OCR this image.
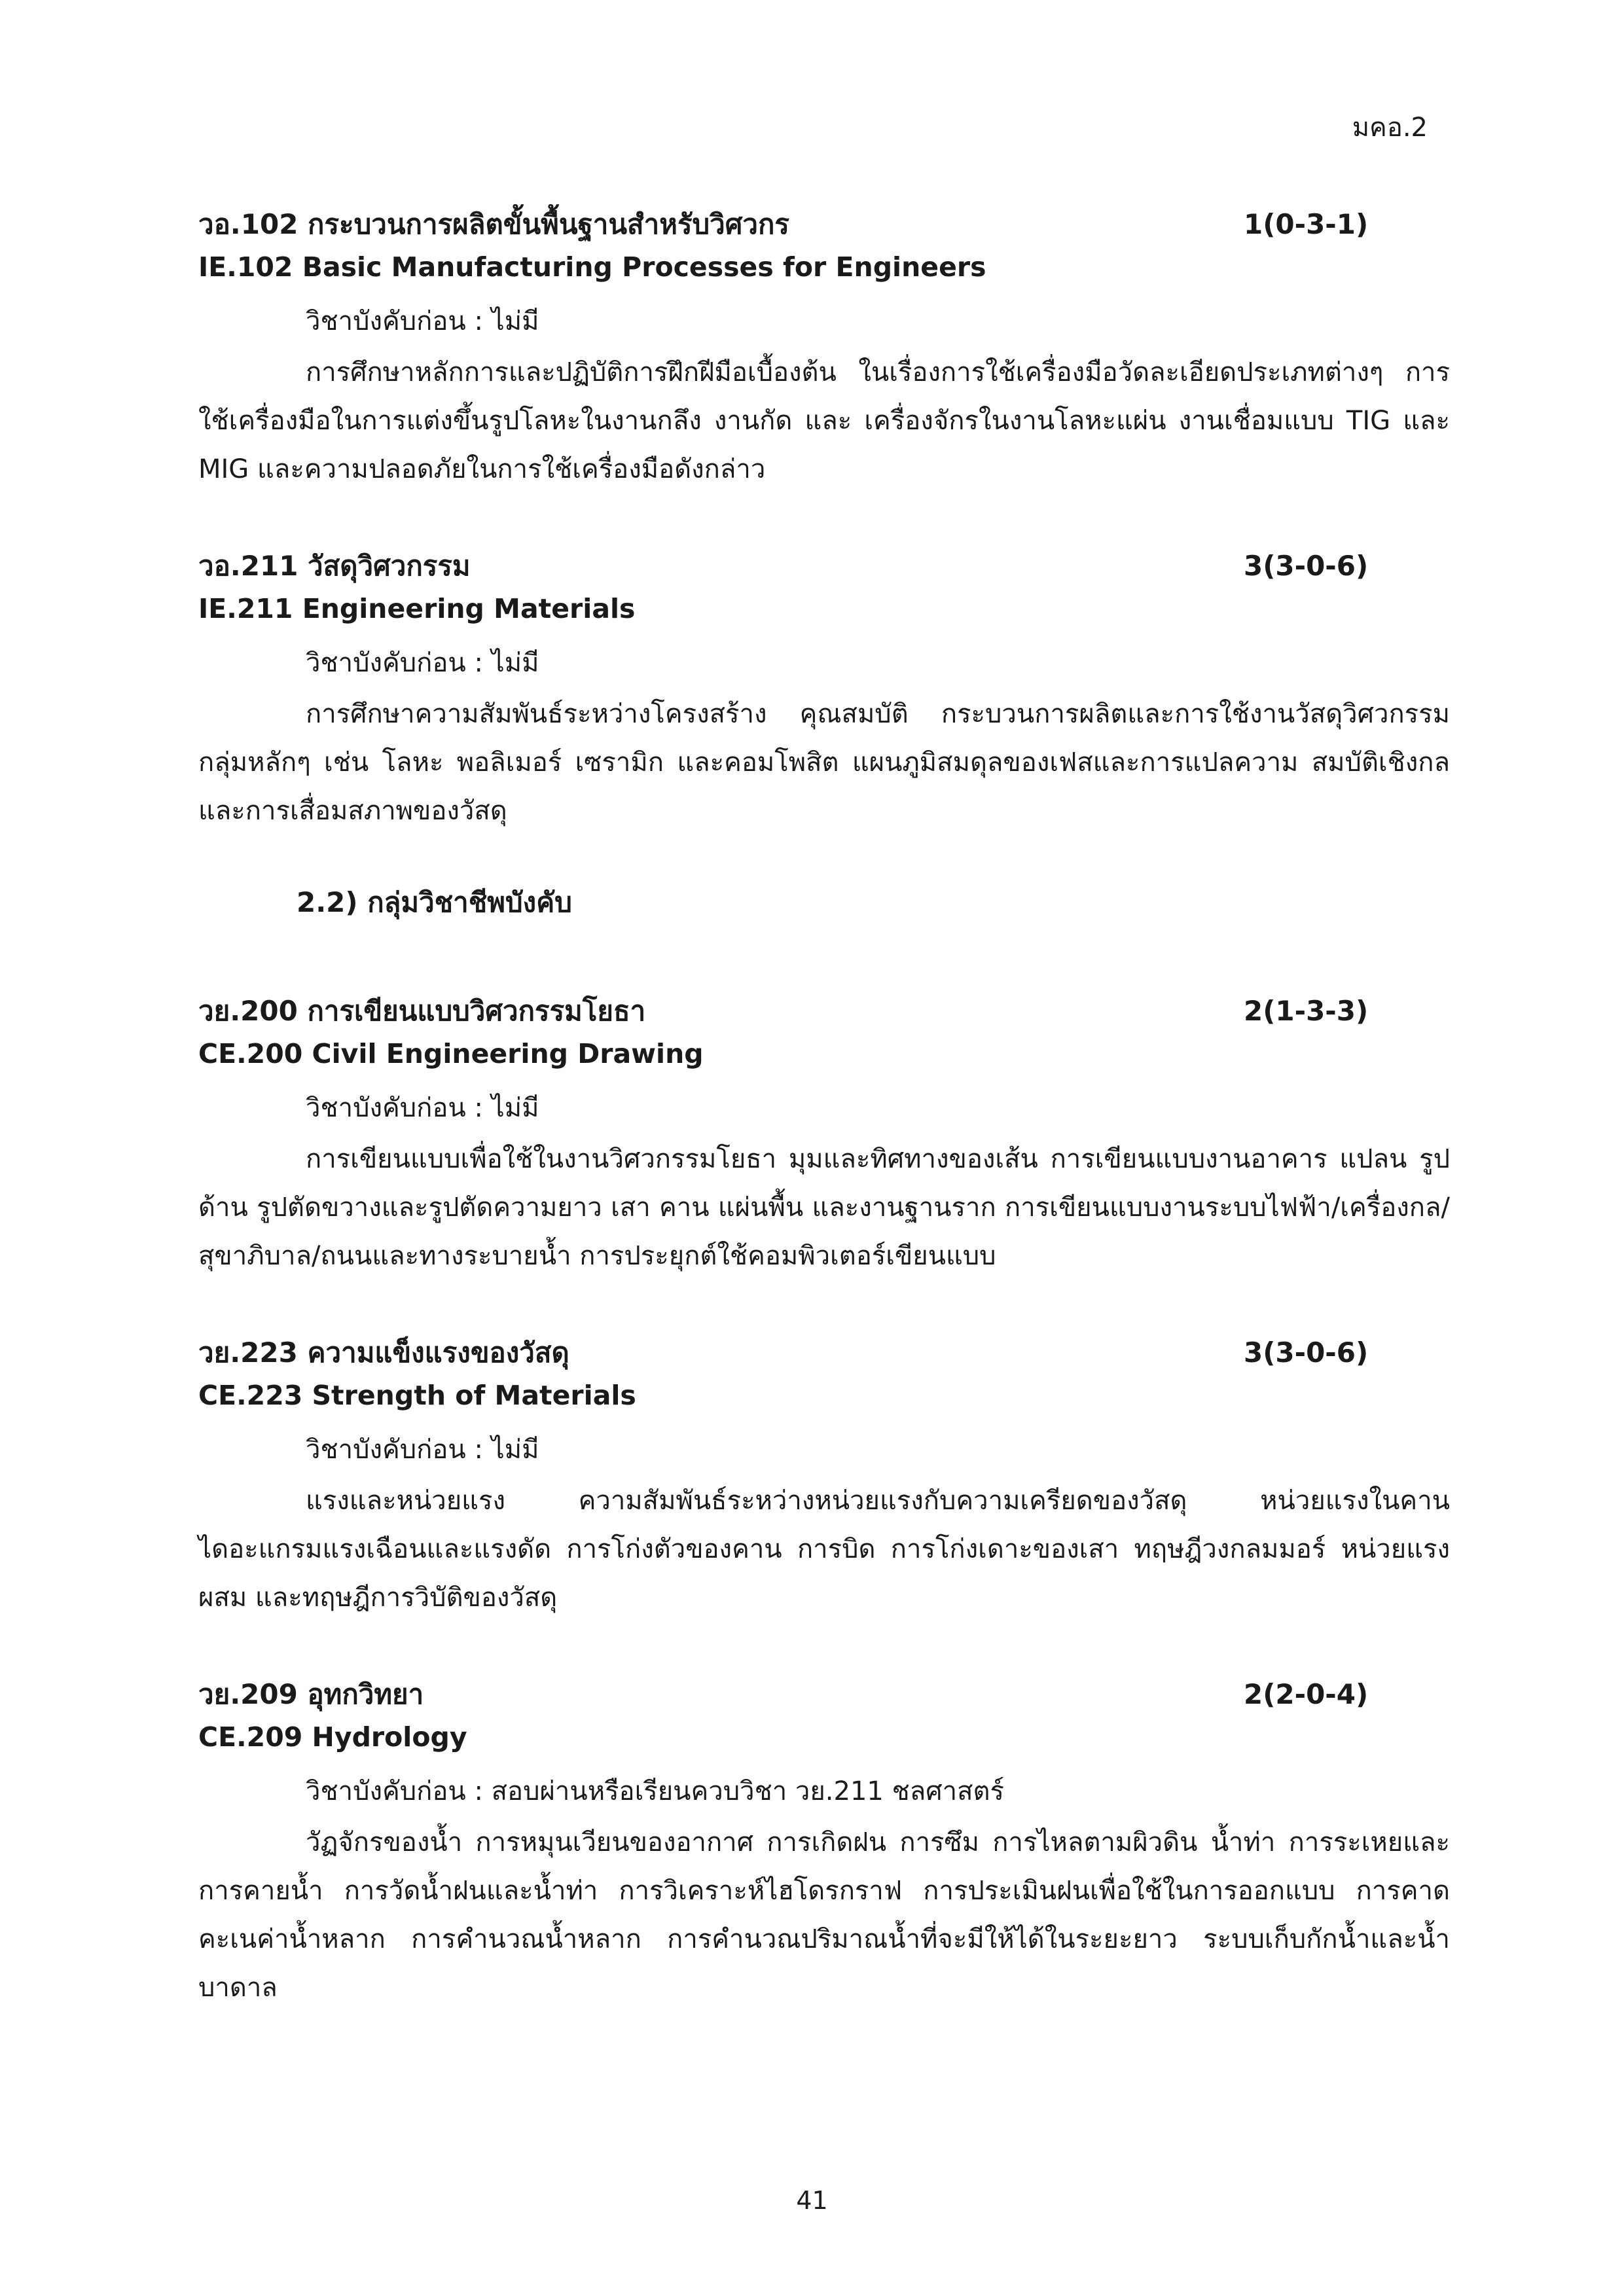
มคอ.2
วอ.102 กระบวนการผลิตขั้นพื้นฐานสำหรับวิศวกร	1(0-3-1)
IE.102 Basic Manufacturing Processes for Engineers
วิชาบังคับก่อน : ไม่มี

การศึกษาหลักการและปฏิบัติการฝึกฝีมือเบื้องต้น ในเรื่องการใช้เครื่องมือวัดละเอียดประเภทต่างๆ การใช้เครื่องมือในการแต่งขึ้นรูปโลหะในงานกลึง งานกัด และ เครื่องจักรในงานโลหะแผ่น งานเชื่อมแบบ TIG และ MIG และความปลอดภัยในการใช้เครื่องมือดังกล่าว

วอ.211 วัสดุวิศวกรรม	3(3-0-6)
IE.211 Engineering Materials
วิชาบังคับก่อน : ไม่มี

การศึกษาความสัมพันธ์ระหว่างโครงสร้าง คุณสมบัติ กระบวนการผลิตและการใช้งานวัสดุวิศวกรรม กลุ่มหลักๆ เช่น โลหะ พอลิเมอร์ เซรามิก และคอมโพสิต แผนภูมิสมดุลของเฟสและการแปลความ สมบัติเชิงกล และการเสื่อมสภาพของวัสดุ

2.2) กลุ่มวิชาชีพบังคับ
วย.200 การเขียนแบบวิศวกรรมโยธา	2(1-3-3)
CE.200 Civil Engineering Drawing
วิชาบังคับก่อน : ไม่มี

การเขียนแบบเพื่อใช้ในงานวิศวกรรมโยธา มุมและทิศทางของเส้น การเขียนแบบงานอาคาร แปลน รูปด้าน รูปตัดขวางและรูปตัดความยาว เสา คาน แผ่นพื้น และงานฐานราก การเขียนแบบงานระบบไฟฟ้า/เครื่องกล/สุขาภิบาล/ถนนและทางระบายน้ำ การประยุกต์ใช้คอมพิวเตอร์เขียนแบบ

วย.223 ความแข็งแรงของวัสดุ	3(3-0-6)
CE.223 Strength of Materials
วิชาบังคับก่อน : ไม่มี

แรงและหน่วยแรง ความสัมพันธ์ระหว่างหน่วยแรงกับความเครียดของวัสดุ หน่วยแรงในคาน ไดอะแกรมแรงเฉือนและแรงดัด การโก่งตัวของคาน การบิด การโก่งเดาะของเสา ทฤษฎีวงกลมมอร์ หน่วยแรงผสม และทฤษฎีการวิบัติของวัสดุ

วย.209 อุทกวิทยา	2(2-0-4)
CE.209 Hydrology
วิชาบังคับก่อน : สอบผ่านหรือเรียนควบวิชา วย.211 ชลศาสตร์

วัฏจักรของน้ำ การหมุนเวียนของอากาศ การเกิดฝน การซึม การไหลตามผิวดิน น้ำท่า การระเหยและการคายน้ำ การวัดน้ำฝนและน้ำท่า การวิเคราะห์ไฮโดรกราฟ การประเมินฝนเพื่อใช้ในการออกแบบ การคาดคะเนค่าน้ำหลาก การคำนวณน้ำหลาก การคำนวณปริมาณน้ำที่จะมีให้ได้ในระยะยาว ระบบเก็บกักน้ำและน้ำบาดาล

41
